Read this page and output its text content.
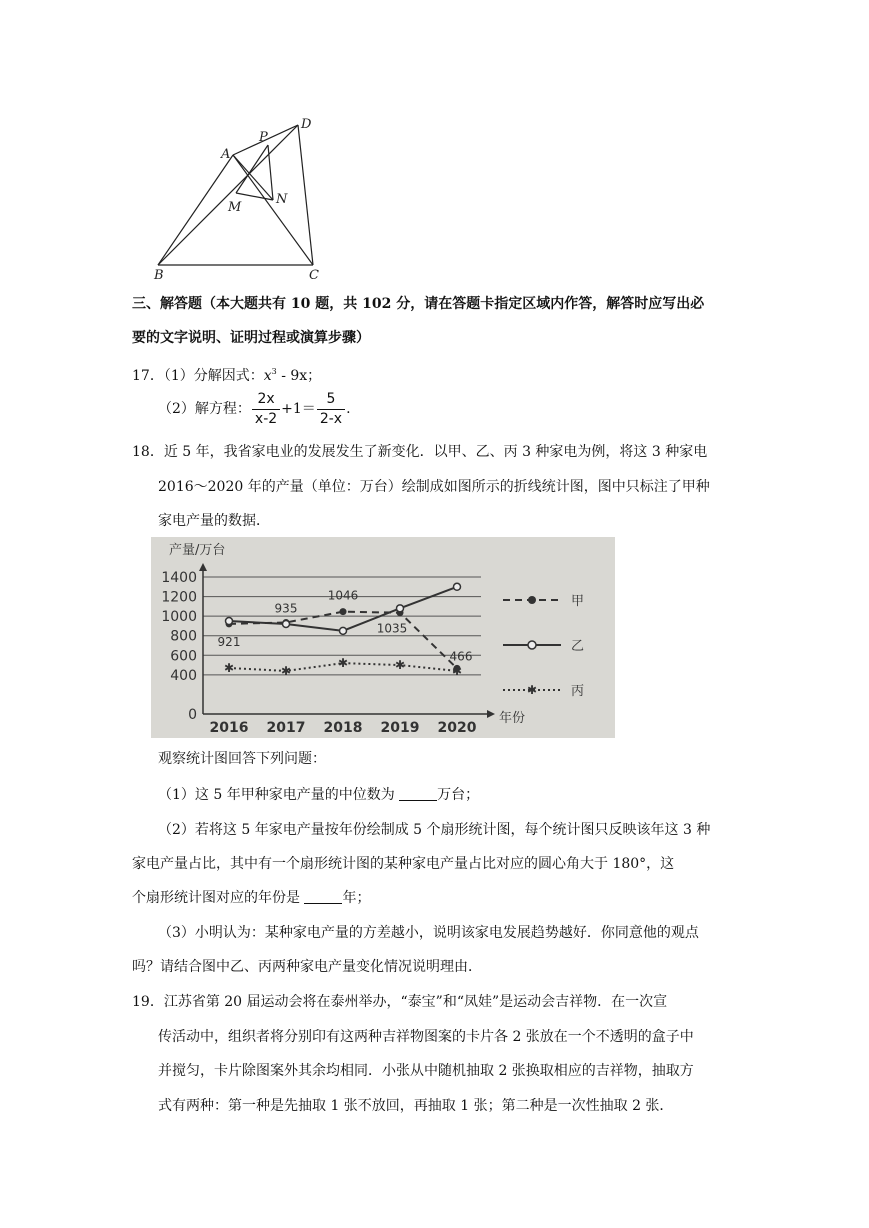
A
P
D
M
N
B	C
三、解答题（本大题共有 10 题，共 102 分，请在答题卡指定区域内作答，解答时应写出必
要的文字说明、证明过程或演算步骤）
17．（1）分解因式：$x^3 - 9x$；
（2）解方程： $\frac{2x}{x-2} +1= \frac{5}{2-x}$ .
18．近 5 年，我省家电业的发展发生了新变化．以甲、乙、丙 3 种家电为例，将这 3 种家电
2016～2020 年的产量（单位：万台）绘制成如图所示的折线统计图，图中只标注了甲种
家电产量的数据．
0
400
600
800
1000
1200
1400
产量/万台
年份
2016 2017 2018 2019 2020
甲
乙
✱	✱
✱	✱	✱
✱	丙
921
935
1046
1035
466
观察统计图回答下列问题：
（1）这 5 年甲种家电产量的中位数为	万台；
（2）若将这 5 年家电产量按年份绘制成 5 个扇形统计图，每个统计图只反映该年这 3 种
家电产量占比，其中有一个扇形统计图的某种家电产量占比对应的圆心角大于 180°，这
个扇形统计图对应的年份是	年；
（3）小明认为：某种家电产量的方差越小，说明该家电发展趋势越好．你同意他的观点
吗？请结合图中乙、丙两种家电产量变化情况说明理由．
19．江苏省第 20 届运动会将在泰州举办，“泰宝”和“凤娃”是运动会吉祥物．在一次宣
传活动中，组织者将分别印有这两种吉祥物图案的卡片各 2 张放在一个不透明的盒子中
并搅匀，卡片除图案外其余均相同．小张从中随机抽取 2 张换取相应的吉祥物，抽取方
式有两种：第一种是先抽取 1 张不放回，再抽取 1 张；第二种是一次性抽取 2 张．
